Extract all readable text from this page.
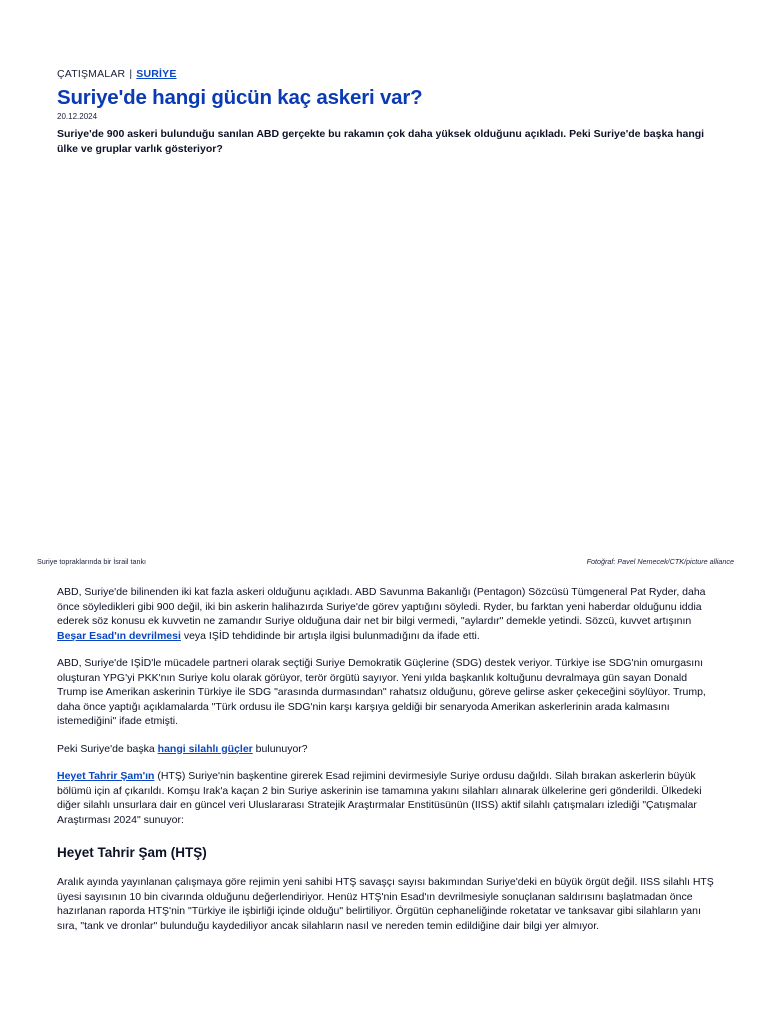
ÇATIŞMALAR | SURİYE
Suriye'de hangi gücün kaç askeri var?
20.12.2024

Suriye'de 900 askeri bulunduğu sanılan ABD gerçekte bu rakamın çok daha yüksek olduğunu açıkladı. Peki Suriye'de başka hangi ülke ve gruplar varlık gösteriyor?

Suriye topraklarında bir İsrail tankı	Fotoğraf: Pavel Nemecek/CTK/picture alliance

ABD, Suriye'de bilinenden iki kat fazla askeri olduğunu açıkladı. ABD Savunma Bakanlığı (Pentagon) Sözcüsü Tümgeneral Pat Ryder, daha önce söyledikleri gibi 900 değil, iki bin askerin halihazırda Suriye'de görev yaptığını söyledi. Ryder, bu farktan yeni haberdar olduğunu iddia ederek söz konusu ek kuvvetin ne zamandır Suriye olduğuna dair net bir bilgi vermedi, "aylardır" demekle yetindi. Sözcü, kuvvet artışının Beşar Esad'ın devrilmesi veya IŞİD tehdidinde bir artışla ilgisi bulunmadığını da ifade etti.

ABD, Suriye'de IŞİD'le mücadele partneri olarak seçtiği Suriye Demokratik Güçlerine (SDG) destek veriyor. Türkiye ise SDG'nin omurgasını oluşturan YPG'yi PKK'nın Suriye kolu olarak görüyor, terör örgütü sayıyor. Yeni yılda başkanlık koltuğunu devralmaya gün sayan Donald Trump ise Amerikan askerinin Türkiye ile SDG "arasında durmasından" rahatsız olduğunu, göreve gelirse asker çekeceğini söylüyor. Trump, daha önce yaptığı açıklamalarda "Türk ordusu ile SDG'nin karşı karşıya geldiği bir senaryoda Amerikan askerlerinin arada kalmasını istemediğini" ifade etmişti.

Peki Suriye'de başka hangi silahlı güçler bulunuyor?

Heyet Tahrir Şam'ın (HTŞ) Suriye'nin başkentine girerek Esad rejimini devirmesiyle Suriye ordusu dağıldı. Silah bırakan askerlerin büyük bölümü için af çıkarıldı. Komşu Irak'a kaçan 2 bin Suriye askerinin ise tamamına yakını silahları alınarak ülkelerine geri gönderildi. Ülkedeki diğer silahlı unsurlara dair en güncel veri Uluslararası Stratejik Araştırmalar Enstitüsünün (IISS) aktif silahlı çatışmaları izlediği "Çatışmalar Araştırması 2024" sunuyor:

Heyet Tahrir Şam (HTŞ)

Aralık ayında yayınlanan çalışmaya göre rejimin yeni sahibi HTŞ savaşçı sayısı bakımından Suriye'deki en büyük örgüt değil. IISS silahlı HTŞ üyesi sayısının 10 bin civarında olduğunu değerlendiriyor. Henüz HTŞ'nin Esad'ın devrilmesiyle sonuçlanan saldırısını başlatmadan önce hazırlanan raporda HTŞ'nin "Türkiye ile işbirliği içinde olduğu" belirtiliyor. Örgütün cephaneliğinde roketatar ve tanksavar gibi silahların yanı sıra, "tank ve dronlar" bulunduğu kaydediliyor ancak silahların nasıl ve nereden temin edildiğine dair bilgi yer almıyor.
